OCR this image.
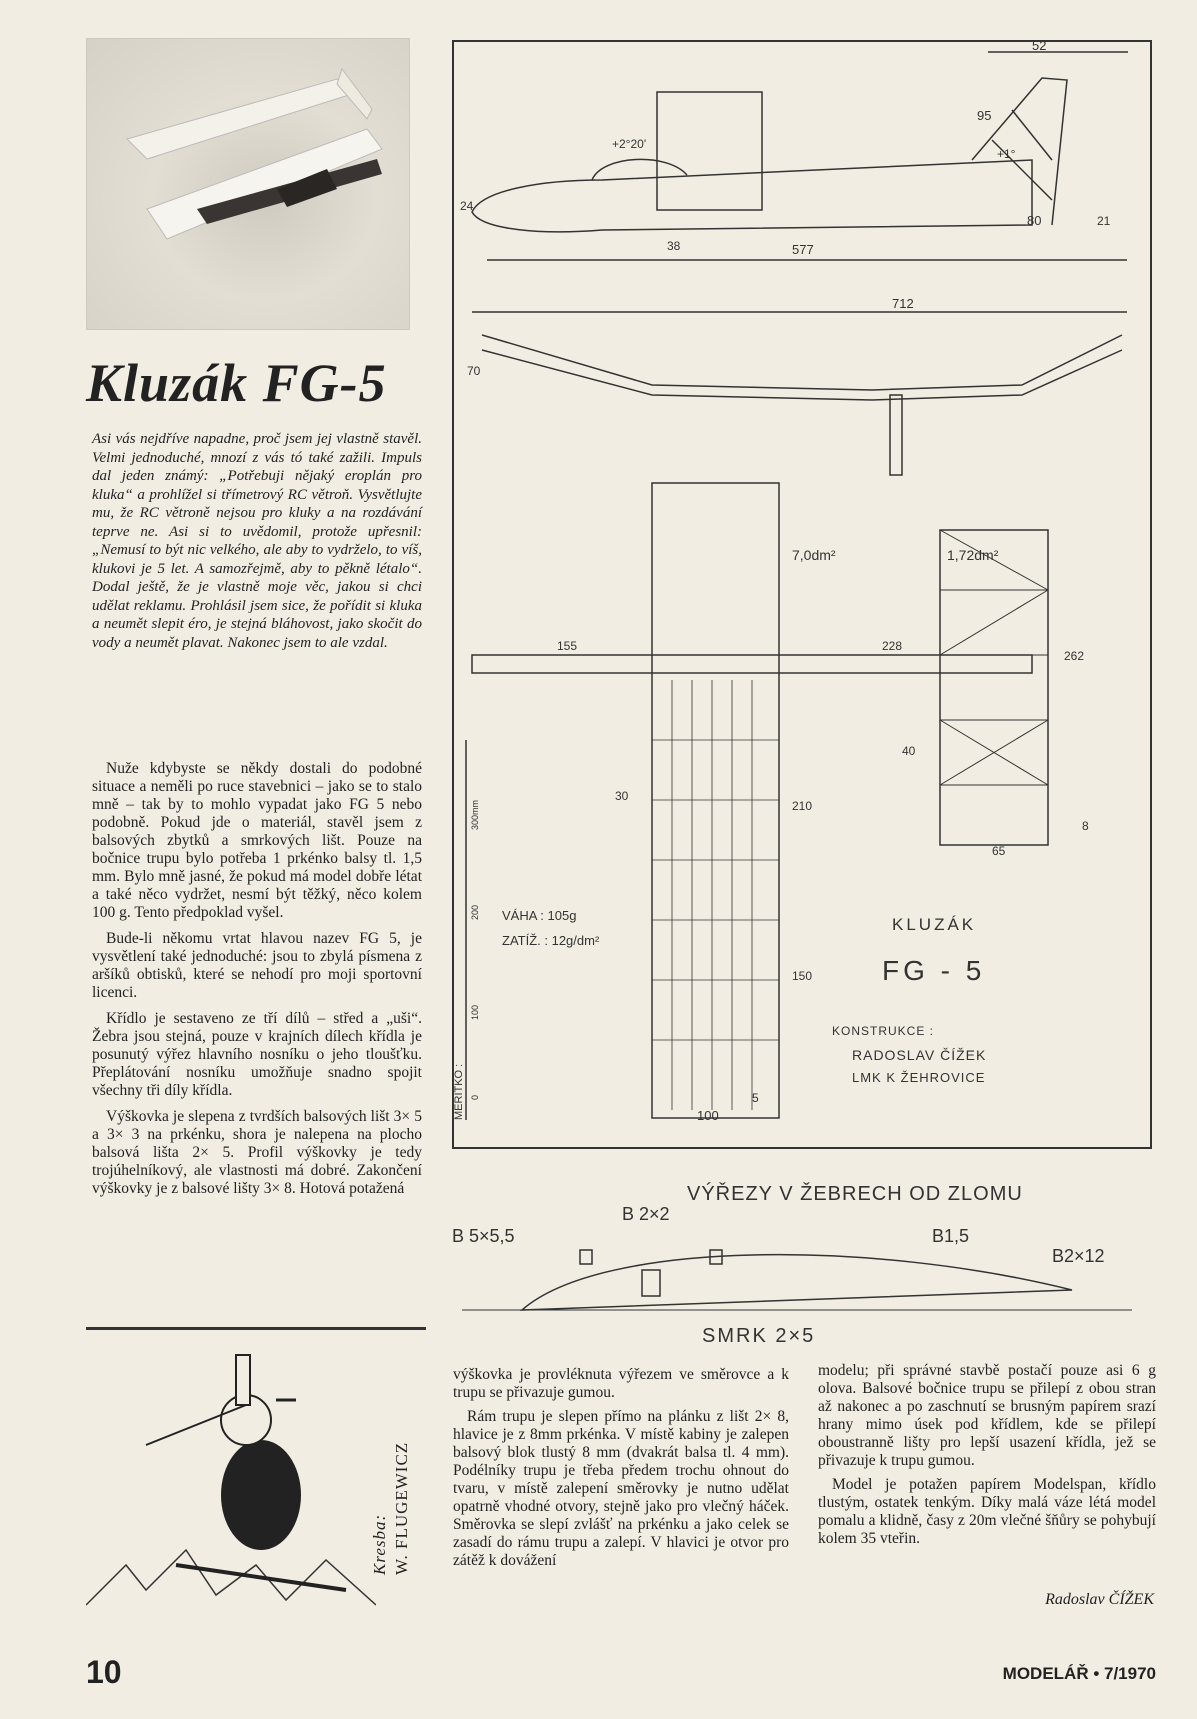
Kluzák FG-5
Asi vás nejdříve napadne, proč jsem jej vlastně stavěl. Velmi jednoduché, mnozí z vás tó také zažili. Impuls dal jeden známý: „Potřebuji nějaký eroplán pro kluka“ a prohlížel si třímetrový RC větroň. Vysvětlujte mu, že RC větroně nejsou pro kluky a na rozdávání teprve ne. Asi si to uvědomil, protože upřesnil: „Nemusí to být nic velkého, ale aby to vydrželo, to víš, klukovi je 5 let. A samozřejmě, aby to pěkně létalo“. Dodal ještě, že je vlastně moje věc, jakou si chci udělat reklamu. Prohlásil jsem sice, že pořídit si kluka a neumět slepit éro, je stejná bláhovost, jako skočit do vody a neumět plavat. Nakonec jsem to ale vzdal.

Nuže kdybyste se někdy dostali do podobné situace a neměli po ruce stavebnici – jako se to stalo mně – tak by to mohlo vypadat jako FG 5 nebo podobně. Pokud jde o materiál, stavěl jsem z balsových zbytků a smrkových lišt. Pouze na bočnice trupu bylo potřeba 1 prkénko balsy tl. 1,5 mm. Bylo mně jasné, že pokud má model dobře létat a také něco vydržet, nesmí být těžký, něco kolem 100 g. Tento předpoklad vyšel.

Bude-li někomu vrtat hlavou nazev FG 5, je vysvětlení také jednoduché: jsou to zbylá písmena z aršíků obtisků, které se nehodí pro moji sportovní licenci.

Křídlo je sestaveno ze tří dílů – střed a „uši“. Žebra jsou stejná, pouze v krajních dílech křídla je posunutý výřez hlavního nosníku o jeho tloušťku. Přeplátování nosníku umožňuje snadno spojit všechny tři díly křídla.

Výškovka je slepena z tvrdších balsových lišt 3× 5 a 3× 3 na prkénku, shora je nalepena na plocho balsová lišta 2× 5. Profil výškovky je tedy trojúhelníkový, ale vlastnosti má dobré. Zakončení výškovky je z balsové lišty 3× 8. Hotová potažená

Kresba: W. FLUGEWICZ

výškovka je provléknuta výřezem ve směrovce a k trupu se přivazuje gumou.

Rám trupu je slepen přímo na plánku z lišt 2× 8, hlavice je z 8mm prkénka. V místě kabiny je zalepen balsový blok tlustý 8 mm (dvakrát balsa tl. 4 mm). Podélníky trupu je třeba předem trochu ohnout do tvaru, v místě zalepení směrovky je nutno udělat opatrně vhodné otvory, stejně jako pro vlečný háček. Směrovka se slepí zvlášť na prkénku a jako celek se zasadí do rámu trupu a zalepí. V hlavici je otvor pro zátěž k dovážení

modelu; při správné stavbě postačí pouze asi 6 g olova. Balsové bočnice trupu se přilepí z obou stran až nakonec a po zaschnutí se brusným papírem srazí hrany mimo úsek pod křídlem, kde se přilepí oboustranně lišty pro lepší usazení křídla, jež se přivazuje k trupu gumou.

Model je potažen papírem Modelspan, křídlo tlustým, ostatek tenkým. Díky malá váze létá model pomalu a klidně, časy z 20m vlečné šňůry se pohybují kolem 35 vteřin.

Radoslav ČÍŽEK
52
95
+2°20'
+1°
24
38	577
80	21
712
70
155	228
262
30
210
40
8
65
150
5
100
7,0dm²	1,72dm²
VÁHA : 105g
ZATÍŽ. : 12g/dm²
KLUZÁK
FG - 5
KONSTRUKCE :
RADOSLAV ČÍŽEK
LMK K ŽEHROVICE
MĚŘÍTKO :
300mm
200
100
0
VÝŘEZY V ŽEBRECH OD ZLOMU
B 2×2
B 5×5,5	B1,5
B2×12
SMRK 2×5
10	MODELÁŘ • 7/1970
